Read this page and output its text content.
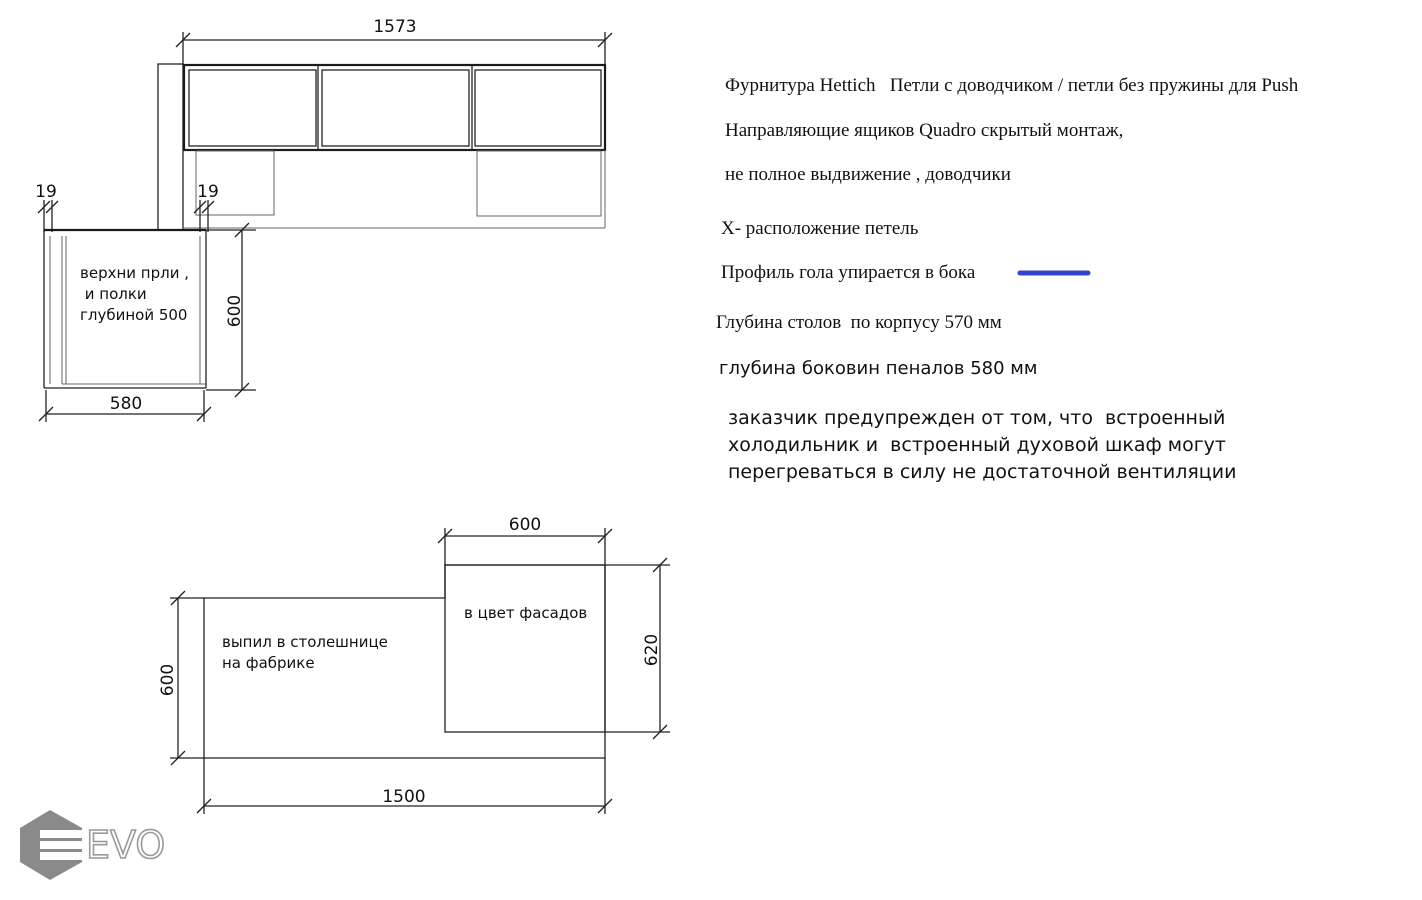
1573
19	19
верхни прли ,  и полки глубиной 500	600
580
Фурнитура Hettich   Петли с доводчиком / петли без пружины для Push
Направляющие ящиков Quadro скрытый монтаж,
не полное выдвижение , доводчики
Х- расположение петель
Профиль гола упирается в бока
Глубина столов  по корпусу 570 мм
глубина боковин пеналов 580 мм
заказчик предупрежден от том, что  встроенный холодильник и  встроенный духовой шкаф могут перегреваться в силу не достаточной вентиляции
600
в цвет фасадов
выпил в столешнице на фабрике	620
600
1500
EVO
